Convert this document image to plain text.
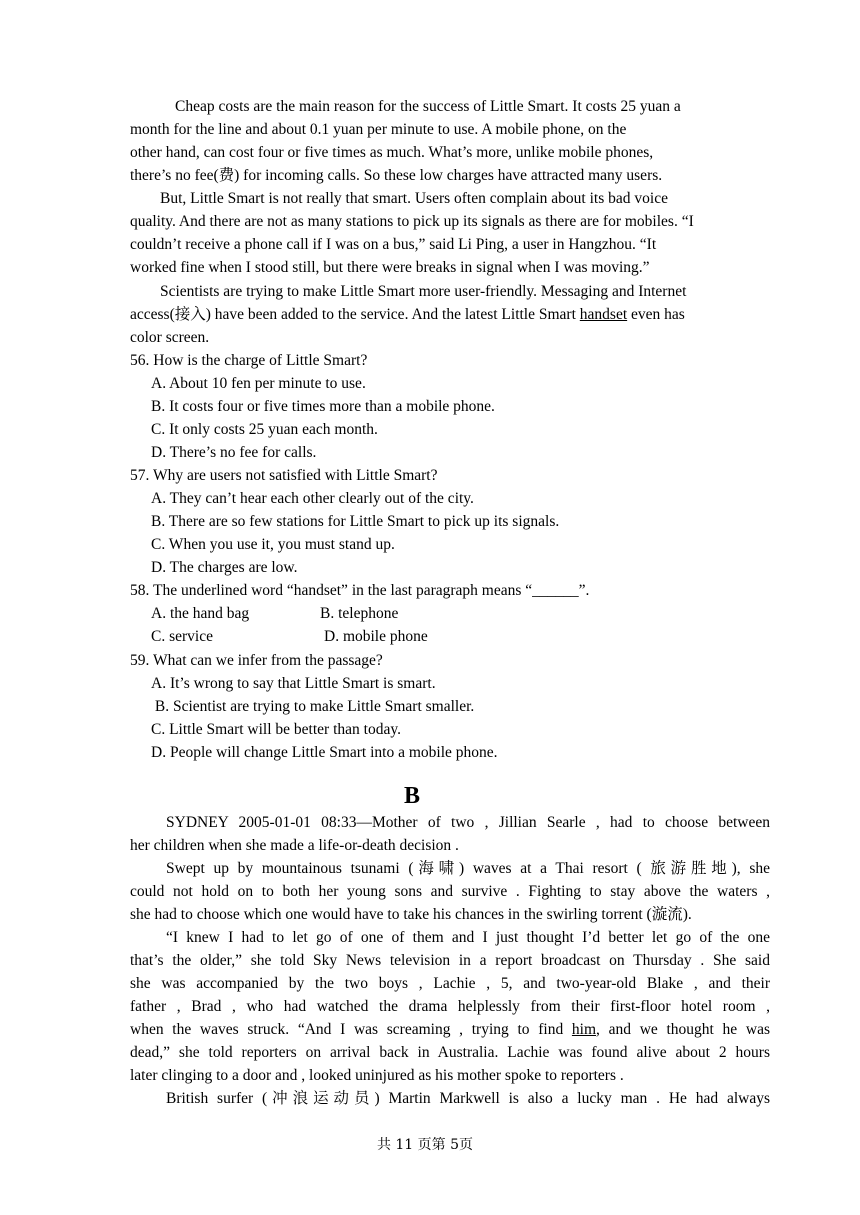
Cheap costs are the main reason for the success of Little Smart. It costs 25 yuan a
month for the line and about 0.1 yuan per minute to use. A mobile phone, on the
other hand, can cost four or five times as much. What’s more, unlike mobile phones,
there’s no fee(费) for incoming calls. So these low charges have attracted many users.
But, Little Smart is not really that smart. Users often complain about its bad voice
quality. And there are not as many stations to pick up its signals as there are for mobiles. “I
couldn’t receive a phone call if I was on a bus,” said Li Ping, a user in Hangzhou. “It
worked fine when I stood still, but there were breaks in signal when I was moving.”
Scientists are trying to make Little Smart more user-friendly. Messaging and Internet
access(接入) have been added to the service. And the latest Little Smart handset even has
color screen.
56. How is the charge of Little Smart?
A. About 10 fen per minute to use.
B. It costs four or five times more than a mobile phone.
C. It only costs 25 yuan each month.
D. There’s no fee for calls.
57. Why are users not satisfied with Little Smart?
A. They can’t hear each other clearly out of the city.
B. There are so few stations for Little Smart to pick up its signals.
C. When you use it, you must stand up.
D. The charges are low.
58. The underlined word “handset” in the last paragraph means “______”.
A. the hand bag	B. telephone
C. service	D. mobile phone
59. What can we infer from the passage?
A. It’s wrong to say that Little Smart is smart.
B. Scientist are trying to make Little Smart smaller.
C. Little Smart will be better than today.
D. People will change Little Smart into a mobile phone.
B
SYDNEY 2005-01-01 08:33—Mother of two , Jillian Searle , had to choose between
her children when she made a life-or-death decision .
Swept up by mountainous tsunami (海啸) waves at a Thai resort ( 旅游胜地), she
could not hold on to both her young sons and survive . Fighting to stay above the waters ,
she had to choose which one would have to take his chances in the swirling torrent (漩流).
“I knew I had to let go of one of them and I just thought I’d better let go of the one
that’s the older,” she told Sky News television in a report broadcast on Thursday . She said
she was accompanied by the two boys , Lachie , 5, and two-year-old Blake , and their
father , Brad , who had watched the drama helplessly from their first-floor hotel room ,
when the waves struck. “And I was screaming , trying to find him, and we thought he was
dead,” she told reporters on arrival back in Australia. Lachie was found alive about 2 hours
later clinging to a door and , looked uninjured as his mother spoke to reporters .
British surfer (冲浪运动员) Martin Markwell is also a lucky man . He had always
共 11 页第 5页
